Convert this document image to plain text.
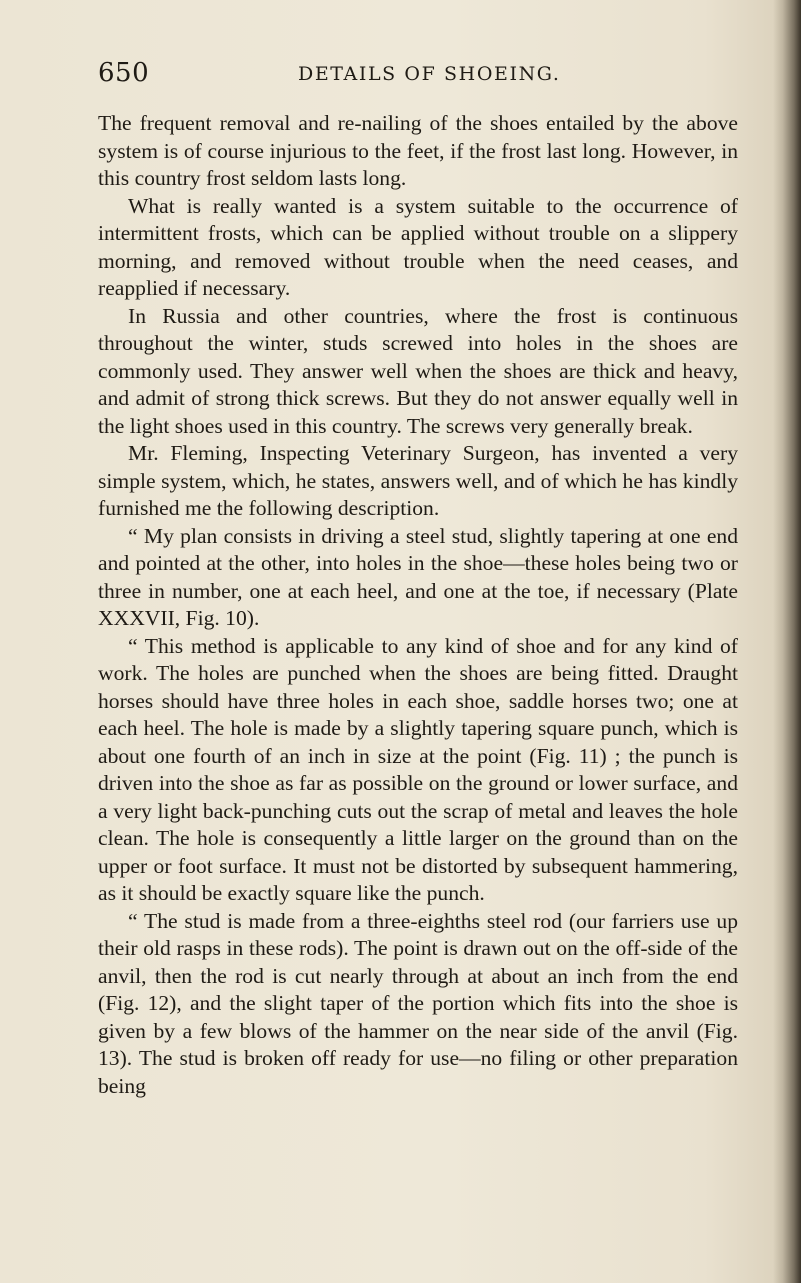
650	DETAILS OF SHOEING.

The frequent removal and re-nailing of the shoes entailed by the above system is of course injurious to the feet, if the frost last long. However, in this country frost seldom lasts long.

What is really wanted is a system suitable to the occurrence of intermittent frosts, which can be applied without trouble on a slippery morning, and removed without trouble when the need ceases, and reapplied if necessary.

In Russia and other countries, where the frost is continuous throughout the winter, studs screwed into holes in the shoes are commonly used. They answer well when the shoes are thick and heavy, and admit of strong thick screws. But they do not answer equally well in the light shoes used in this country. The screws very generally break.

Mr. Fleming, Inspecting Veterinary Surgeon, has invented a very simple system, which, he states, answers well, and of which he has kindly furnished me the following description.

“ My plan consists in driving a steel stud, slightly tapering at one end and pointed at the other, into holes in the shoe—these holes being two or three in number, one at each heel, and one at the toe, if necessary (Plate XXXVII, Fig. 10).

“ This method is applicable to any kind of shoe and for any kind of work. The holes are punched when the shoes are being fitted. Draught horses should have three holes in each shoe, saddle horses two; one at each heel. The hole is made by a slightly tapering square punch, which is about one fourth of an inch in size at the point (Fig. 11) ; the punch is driven into the shoe as far as possible on the ground or lower surface, and a very light back-punching cuts out the scrap of metal and leaves the hole clean. The hole is consequently a little larger on the ground than on the upper or foot surface. It must not be distorted by subsequent hammering, as it should be exactly square like the punch.

“ The stud is made from a three-eighths steel rod (our farriers use up their old rasps in these rods). The point is drawn out on the off-side of the anvil, then the rod is cut nearly through at about an inch from the end (Fig. 12), and the slight taper of the portion which fits into the shoe is given by a few blows of the hammer on the near side of the anvil (Fig. 13). The stud is broken off ready for use—no filing or other preparation being
